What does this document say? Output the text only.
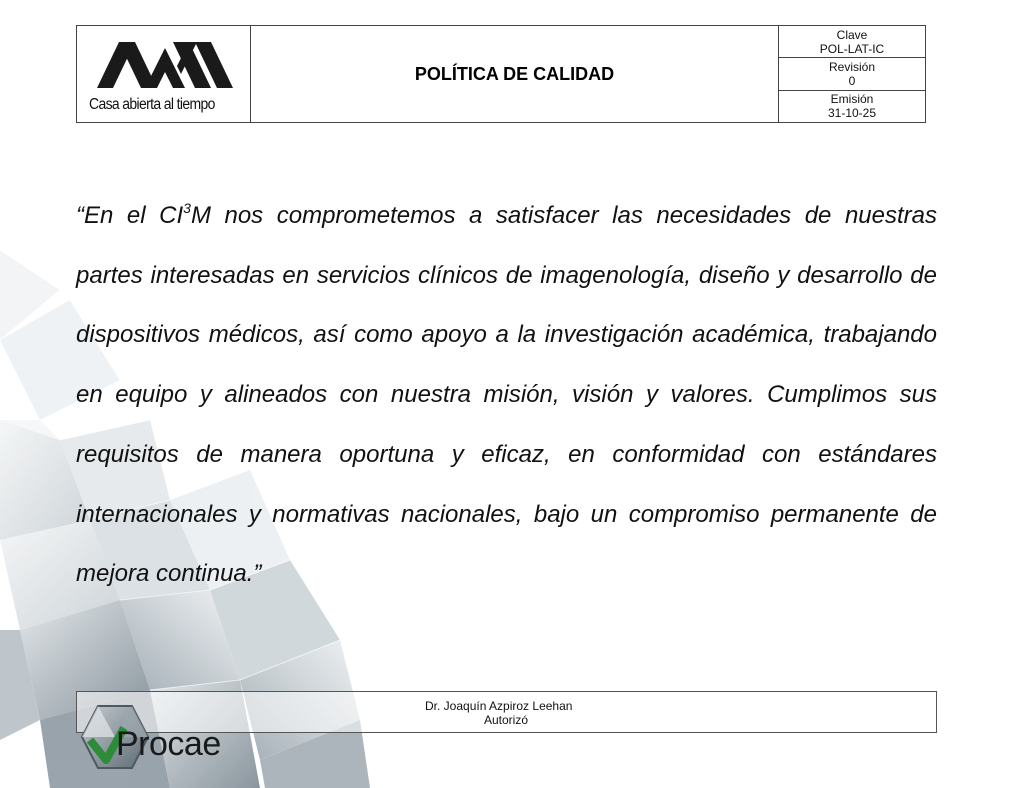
Casa abierta al tiempo
POLÍTICA DE CALIDAD
Clave
POL-LAT-IC
Revisión
0
Emisión
31-10-25
“En el $CI^3M$ nos comprometemos a satisfacer las necesidades de nuestras partes interesadas en servicios clínicos de imagenología, diseño y desarrollo de dispositivos médicos, así como apoyo a la investigación académica, trabajando en equipo y alineados con nuestra misión, visión y valores. Cumplimos sus requisitos de manera oportuna y eficaz, en conformidad con estándares internacionales y normativas nacionales, bajo un compromiso permanente de mejora continua.”
Dr. Joaquín Azpiroz Leehan
Autorizó
Procae
